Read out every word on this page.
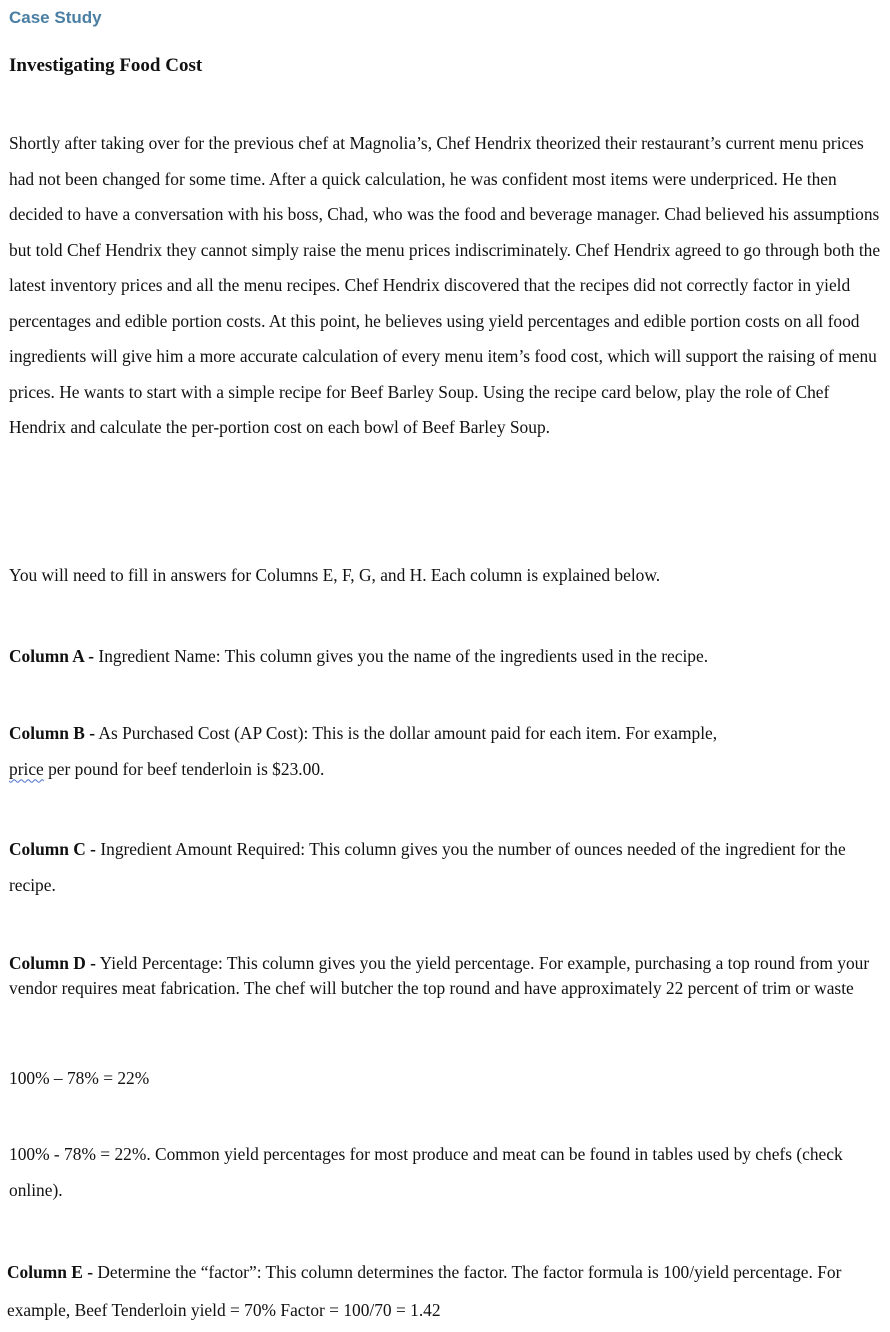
Case Study

Investigating Food Cost

Shortly after taking over for the previous chef at Magnolia’s, Chef Hendrix theorized their restaurant’s current menu prices had not been changed for some time. After a quick calculation, he was confident most items were underpriced. He then decided to have a conversation with his boss, Chad, who was the food and beverage manager. Chad believed his assumptions but told Chef Hendrix they cannot simply raise the menu prices indiscriminately. Chef Hendrix agreed to go through both the latest inventory prices and all the menu recipes. Chef Hendrix discovered that the recipes did not correctly factor in yield percentages and edible portion costs. At this point, he believes using yield percentages and edible portion costs on all food ingredients will give him a more accurate calculation of every menu item’s food cost, which will support the raising of menu prices. He wants to start with a simple recipe for Beef Barley Soup. Using the recipe card below, play the role of Chef Hendrix and calculate the per-portion cost on each bowl of Beef Barley Soup.

You will need to fill in answers for Columns E, F, G, and H. Each column is explained below.

Column A - Ingredient Name: This column gives you the name of the ingredients used in the recipe.

Column B - As Purchased Cost (AP Cost): This is the dollar amount paid for each item. For example,
price per pound for beef tenderloin is $23.00.

Column C - Ingredient Amount Required: This column gives you the number of ounces needed of the ingredient for the recipe.

Column D - Yield Percentage: This column gives you the yield percentage. For example, purchasing a top round from your vendor requires meat fabrication. The chef will butcher the top round and have approximately 22 percent of trim or waste

100% – 78% = 22%

100% - 78% = 22%. Common yield percentages for most produce and meat can be found in tables used by chefs (check online).

Column E - Determine the “factor”: This column determines the factor. The factor formula is 100/yield percentage. For example, Beef Tenderloin yield = 70% Factor = 100/70 = 1.42
